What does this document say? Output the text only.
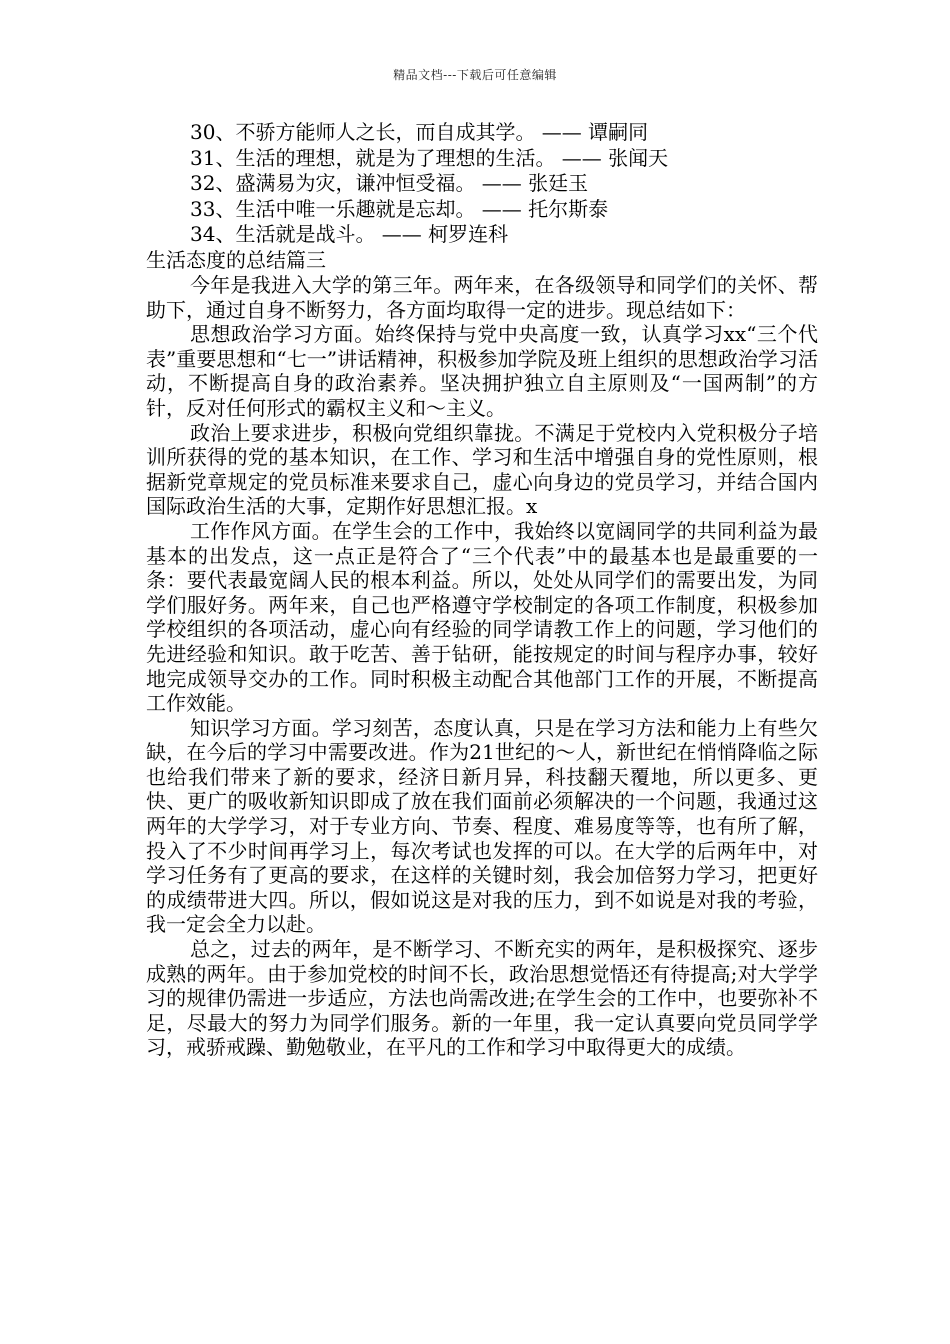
精品文档---下载后可任意编辑

30、不骄方能师人之长，而自成其学。 —— 谭嗣同

31、生活的理想，就是为了理想的生活。 —— 张闻天

32、盛满易为灾，谦冲恒受福。 —— 张廷玉

33、生活中唯一乐趣就是忘却。 —— 托尔斯泰

34、生活就是战斗。 —— 柯罗连科

生活态度的总结篇三

今年是我进入大学的第三年。两年来，在各级领导和同学们的关怀、帮助下，通过自身不断努力，各方面均取得一定的进步。现总结如下：

思想政治学习方面。始终保持与党中央高度一致，认真学习xx“三个代表”重要思想和“七一”讲话精神，积极参加学院及班上组织的思想政治学习活动，不断提高自身的政治素养。坚决拥护独立自主原则及“一国两制”的方针，反对任何形式的霸权主义和～主义。

政治上要求进步，积极向党组织靠拢。不满足于党校内入党积极分子培训所获得的党的基本知识，在工作、学习和生活中增强自身的党性原则，根据新党章规定的党员标准来要求自己，虚心向身边的党员学习，并结合国内国际政治生活的大事，定期作好思想汇报。x

工作作风方面。在学生会的工作中，我始终以宽阔同学的共同利益为最基本的出发点，这一点正是符合了“三个代表”中的最基本也是最重要的一条：要代表最宽阔人民的根本利益。所以，处处从同学们的需要出发，为同学们服好务。两年来，自己也严格遵守学校制定的各项工作制度，积极参加学校组织的各项活动，虚心向有经验的同学请教工作上的问题，学习他们的先进经验和知识。敢于吃苦、善于钻研，能按规定的时间与程序办事，较好地完成领导交办的工作。同时积极主动配合其他部门工作的开展，不断提高工作效能。

知识学习方面。学习刻苦，态度认真，只是在学习方法和能力上有些欠缺，在今后的学习中需要改进。作为21世纪的～人，新世纪在悄悄降临之际也给我们带来了新的要求，经济日新月异，科技翻天覆地，所以更多、更快、更广的吸收新知识即成了放在我们面前必须解决的一个问题，我通过这两年的大学学习，对于专业方向、节奏、程度、难易度等等，也有所了解，投入了不少时间再学习上，每次考试也发挥的可以。在大学的后两年中，对学习任务有了更高的要求，在这样的关键时刻，我会加倍努力学习，把更好的成绩带进大四。所以，假如说这是对我的压力，到不如说是对我的考验，我一定会全力以赴。

总之，过去的两年，是不断学习、不断充实的两年，是积极探究、逐步成熟的两年。由于参加党校的时间不长，政治思想觉悟还有待提高;对大学学习的规律仍需进一步适应，方法也尚需改进;在学生会的工作中，也要弥补不足，尽最大的努力为同学们服务。新的一年里，我一定认真要向党员同学学习，戒骄戒躁、勤勉敬业，在平凡的工作和学习中取得更大的成绩。
